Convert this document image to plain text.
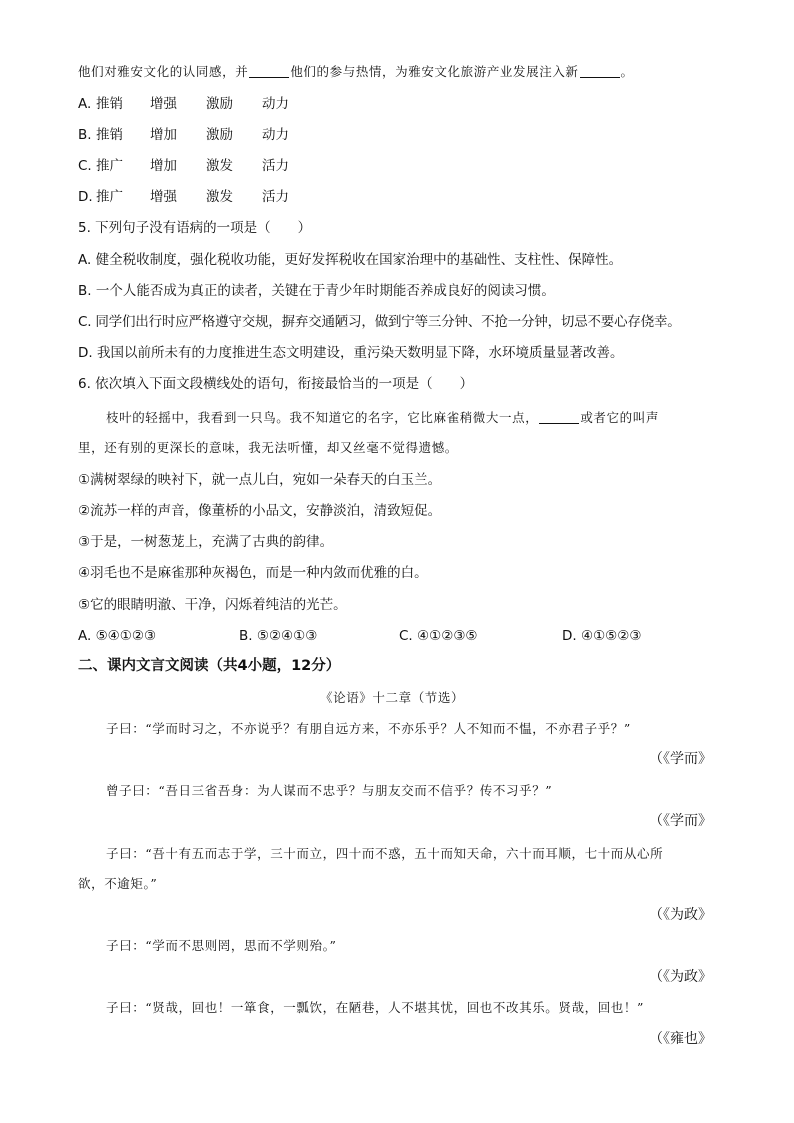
他们对雅安文化的认同感，并	他们的参与热情，为雅安文化旅游产业发展注入新	。
A. 推销 增强 激励 动力
B. 推销 增加 激励 动力
C. 推广 增加 激发 活力
D. 推广 增强 激发 活力
5. 下列句子没有语病的一项是（　　）
A. 健全税收制度，强化税收功能，更好发挥税收在国家治理中的基础性、支柱性、保障性。
B. 一个人能否成为真正的读者，关键在于青少年时期能否养成良好的阅读习惯。
C. 同学们出行时应严格遵守交规，摒弃交通陋习，做到宁等三分钟、不抢一分钟，切忌不要心存侥幸。
D. 我国以前所未有的力度推进生态文明建设，重污染天数明显下降，水环境质量显著改善。
6. 依次填入下面文段横线处的语句，衔接最恰当的一项是（　　）
枝叶的轻摇中，我看到一只鸟。我不知道它的名字，它比麻雀稍微大一点，	或者它的叫声
里，还有别的更深长的意味，我无法听懂，却又丝毫不觉得遗憾。
①满树翠绿的映衬下，就一点儿白，宛如一朵春天的白玉兰。
②流苏一样的声音，像董桥的小品文，安静淡泊，清致短促。
③于是，一树葱茏上，充满了古典的韵律。
④羽毛也不是麻雀那种灰褐色，而是一种内敛而优雅的白。
⑤它的眼睛明澈、干净，闪烁着纯洁的光芒。
A. ⑤④①②③	B. ⑤②④①③	C. ④①②③⑤	D. ④①⑤②③
二、课内文言文阅读（共4小题，12分）
《论语》十二章（节选）
子曰：“学而时习之，不亦说乎？有朋自远方来，不亦乐乎？人不知而不愠，不亦君子乎？”
（《学而》
曾子曰：“吾日三省吾身：为人谋而不忠乎？与朋友交而不信乎？传不习乎？”
（《学而》
子曰：“吾十有五而志于学，三十而立，四十而不惑，五十而知天命，六十而耳顺，七十而从心所
欲，不逾矩。”
（《为政》
子曰：“学而不思则罔，思而不学则殆。”
（《为政》
子曰：“贤哉，回也！一箪食，一瓢饮，在陋巷，人不堪其忧，回也不改其乐。贤哉，回也！”
（《雍也》
